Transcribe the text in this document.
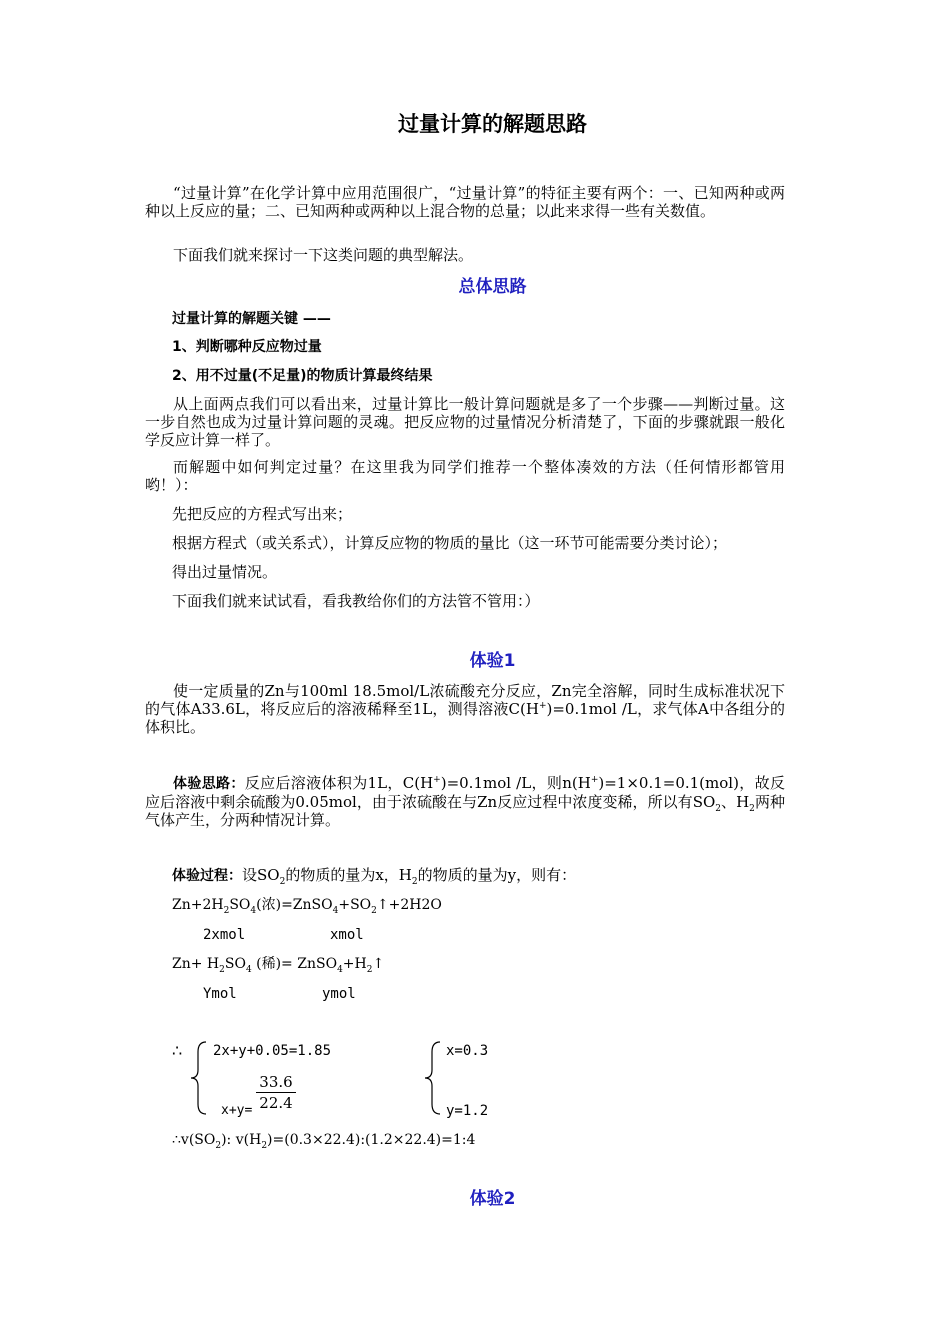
过量计算的解题思路
“过量计算”在化学计算中应用范围很广，“过量计算”的特征主要有两个：一、已知两种或两种以上反应的量；二、已知两种或两种以上混合物的总量；以此来求得一些有关数值。
下面我们就来探讨一下这类问题的典型解法。
总体思路
过量计算的解题关键 ——
1、判断哪种反应物过量
2、用不过量(不足量)的物质计算最终结果
从上面两点我们可以看出来，过量计算比一般计算问题就是多了一个步骤——判断过量。这一步自然也成为过量计算问题的灵魂。把反应物的过量情况分析清楚了，下面的步骤就跟一般化学反应计算一样了。
而解题中如何判定过量？在这里我为同学们推荐一个整体凑效的方法（任何情形都管用哟！）：
先把反应的方程式写出来；
根据方程式（或关系式），计算反应物的物质的量比（这一环节可能需要分类讨论）；
得出过量情况。
下面我们就来试试看，看我教给你们的方法管不管用：）
体验1
使一定质量的Zn与100ml 18.5mol/L浓硫酸充分反应，Zn完全溶解，同时生成标准状况下的气体A33.6L，将反应后的溶液稀释至1L，测得溶液C(H+)=0.1mol /L，求气体A中各组分的体积比。
体验思路：反应后溶液体积为1L，C(H+)=0.1mol /L，则n(H+)=1×0.1=0.1(mol)，故反应后溶液中剩余硫酸为0.05mol，由于浓硫酸在与Zn反应过程中浓度变稀，所以有$SO_2$、$H_2$两种气体产生，分两种情况计算。
体验过程：设$SO_2$的物质的量为x，$H_2$的物质的量为y，则有：
$Zn+2H_2SO_4$(浓)$=ZnSO_4+SO_2↑+2H2O$
2xmol	xmol
$Zn+ H_2SO_4$ (稀)= $ZnSO_4+H_2↑$
Ymol	ymol
∴ 2x+y+0.05=1.85
$x+y= \frac{33.6}{22.4}$
x=0.3
y=1.2
$\therefore v(SO_2)$: $v(H_2)=(0.3\times 22.4):(1.2\times 22.4)=1:4$
体验2
